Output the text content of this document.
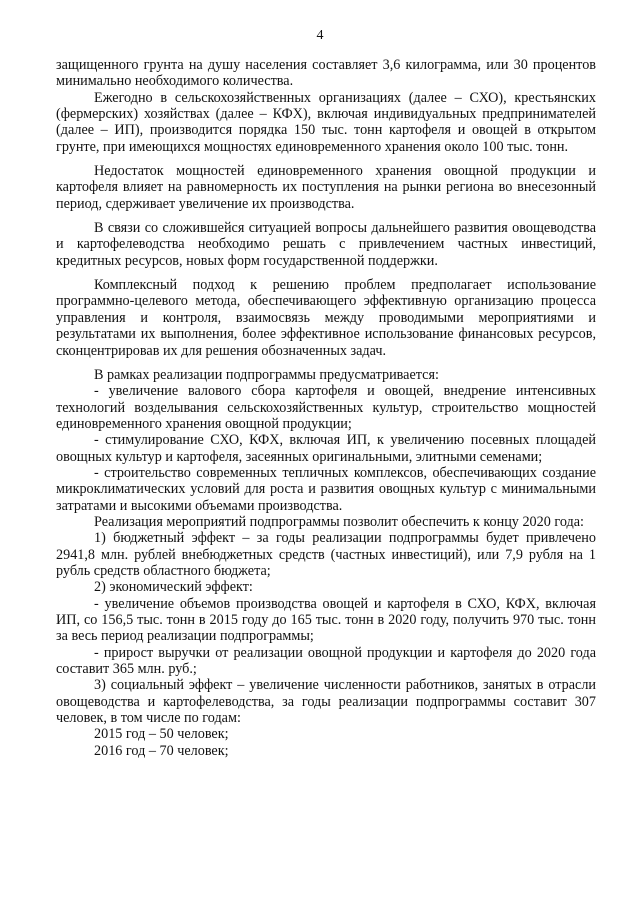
4

защищенного грунта на душу населения составляет 3,6 килограмма, или 30 процентов минимально необходимого количества.

Ежегодно в сельскохозяйственных организациях (далее – СХО), крестьянских (фермерских) хозяйствах (далее – КФХ), включая индивидуальных предпринимателей (далее – ИП), производится порядка 150 тыс. тонн картофеля и овощей в открытом грунте, при имеющихся мощностях единовременного хранения около 100 тыс. тонн.

Недостаток мощностей единовременного хранения овощной продукции и картофеля влияет на равномерность их поступления на рынки региона во внесезонный период, сдерживает увеличение их производства.

В связи со сложившейся ситуацией вопросы дальнейшего развития овощеводства и картофелеводства необходимо решать с привлечением частных инвестиций, кредитных ресурсов, новых форм государственной поддержки.

Комплексный подход к решению проблем предполагает использование программно-целевого метода, обеспечивающего эффективную организацию процесса управления и контроля, взаимосвязь между проводимыми мероприятиями и результатами их выполнения, более эффективное использование финансовых ресурсов, сконцентрировав их для решения обозначенных задач.

В рамках реализации подпрограммы предусматривается:

- увеличение валового сбора картофеля и овощей, внедрение интенсивных технологий возделывания сельскохозяйственных культур, строительство мощностей единовременного хранения овощной продукции;

- стимулирование СХО, КФХ, включая ИП, к увеличению посевных площадей овощных культур и картофеля, засеянных оригинальными, элитными семенами;

- строительство современных тепличных комплексов, обеспечивающих создание микроклиматических условий для роста и развития овощных культур с минимальными затратами и высокими объемами производства.

Реализация мероприятий подпрограммы позволит обеспечить к концу 2020 года:

1) бюджетный эффект – за годы реализации подпрограммы будет привлечено 2941,8 млн. рублей внебюджетных средств (частных инвестиций), или 7,9 рубля на 1 рубль средств областного бюджета;

2) экономический эффект:

- увеличение объемов производства овощей и картофеля в СХО, КФХ, включая ИП, со 156,5 тыс. тонн в 2015 году до 165 тыс. тонн в 2020 году, получить 970 тыс. тонн за весь период реализации подпрограммы;

- прирост выручки от реализации овощной продукции и картофеля до 2020 года составит 365 млн. руб.;

3) социальный эффект – увеличение численности работников, занятых в отрасли овощеводства и картофелеводства, за годы реализации подпрограммы составит 307 человек, в том числе по годам:

2015 год – 50 человек;

2016 год – 70 человек;
